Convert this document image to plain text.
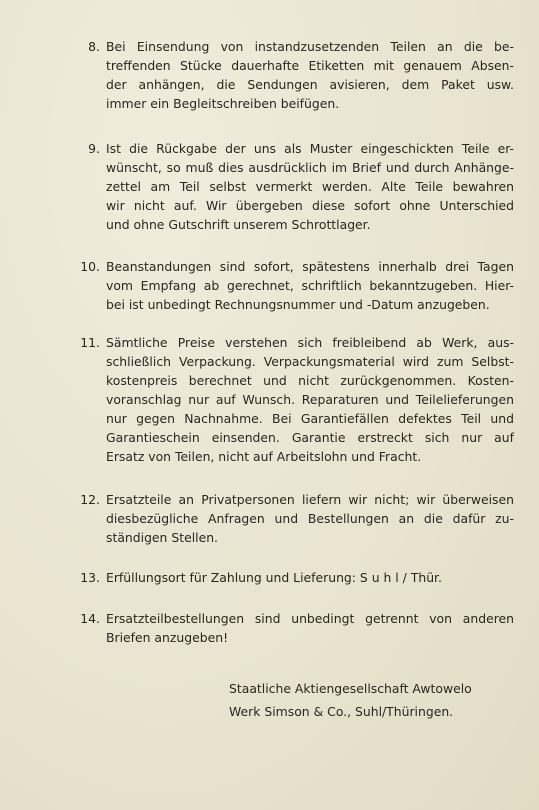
8. Bei Einsendung von instandzusetzenden Teilen an die be-
treffenden Stücke dauerhafte Etiketten mit genauem Absen-
der anhängen, die Sendungen avisieren, dem Paket usw.
immer ein Begleitschreiben beifügen.
9. Ist die Rückgabe der uns als Muster eingeschickten Teile er-
wünscht, so muß dies ausdrücklich im Brief und durch Anhänge-
zettel am Teil selbst vermerkt werden. Alte Teile bewahren
wir nicht auf. Wir übergeben diese sofort ohne Unterschied
und ohne Gutschrift unserem Schrottlager.
10. Beanstandungen sind sofort, spätestens innerhalb drei Tagen
vom Empfang ab gerechnet, schriftlich bekanntzugeben. Hier-
bei ist unbedingt Rechnungsnummer und -Datum anzugeben.
11. Sämtliche Preise verstehen sich freibleibend ab Werk, aus-
schließlich Verpackung. Verpackungsmaterial wird zum Selbst-
kostenpreis berechnet und nicht zurückgenommen. Kosten-
voranschlag nur auf Wunsch. Reparaturen und Teilelieferungen
nur gegen Nachnahme. Bei Garantiefällen defektes Teil und
Garantieschein einsenden. Garantie erstreckt sich nur auf
Ersatz von Teilen, nicht auf Arbeitslohn und Fracht.
12. Ersatzteile an Privatpersonen liefern wir nicht; wir überweisen
diesbezügliche Anfragen und Bestellungen an die dafür zu-
ständigen Stellen.
13. Erfüllungsort für Zahlung und Lieferung: S u h l / Thür.
14. Ersatzteilbestellungen sind unbedingt getrennt von anderen
Briefen anzugeben!
Staatliche Aktiengesellschaft Awtowelo
Werk Simson & Co., Suhl/Thüringen.
